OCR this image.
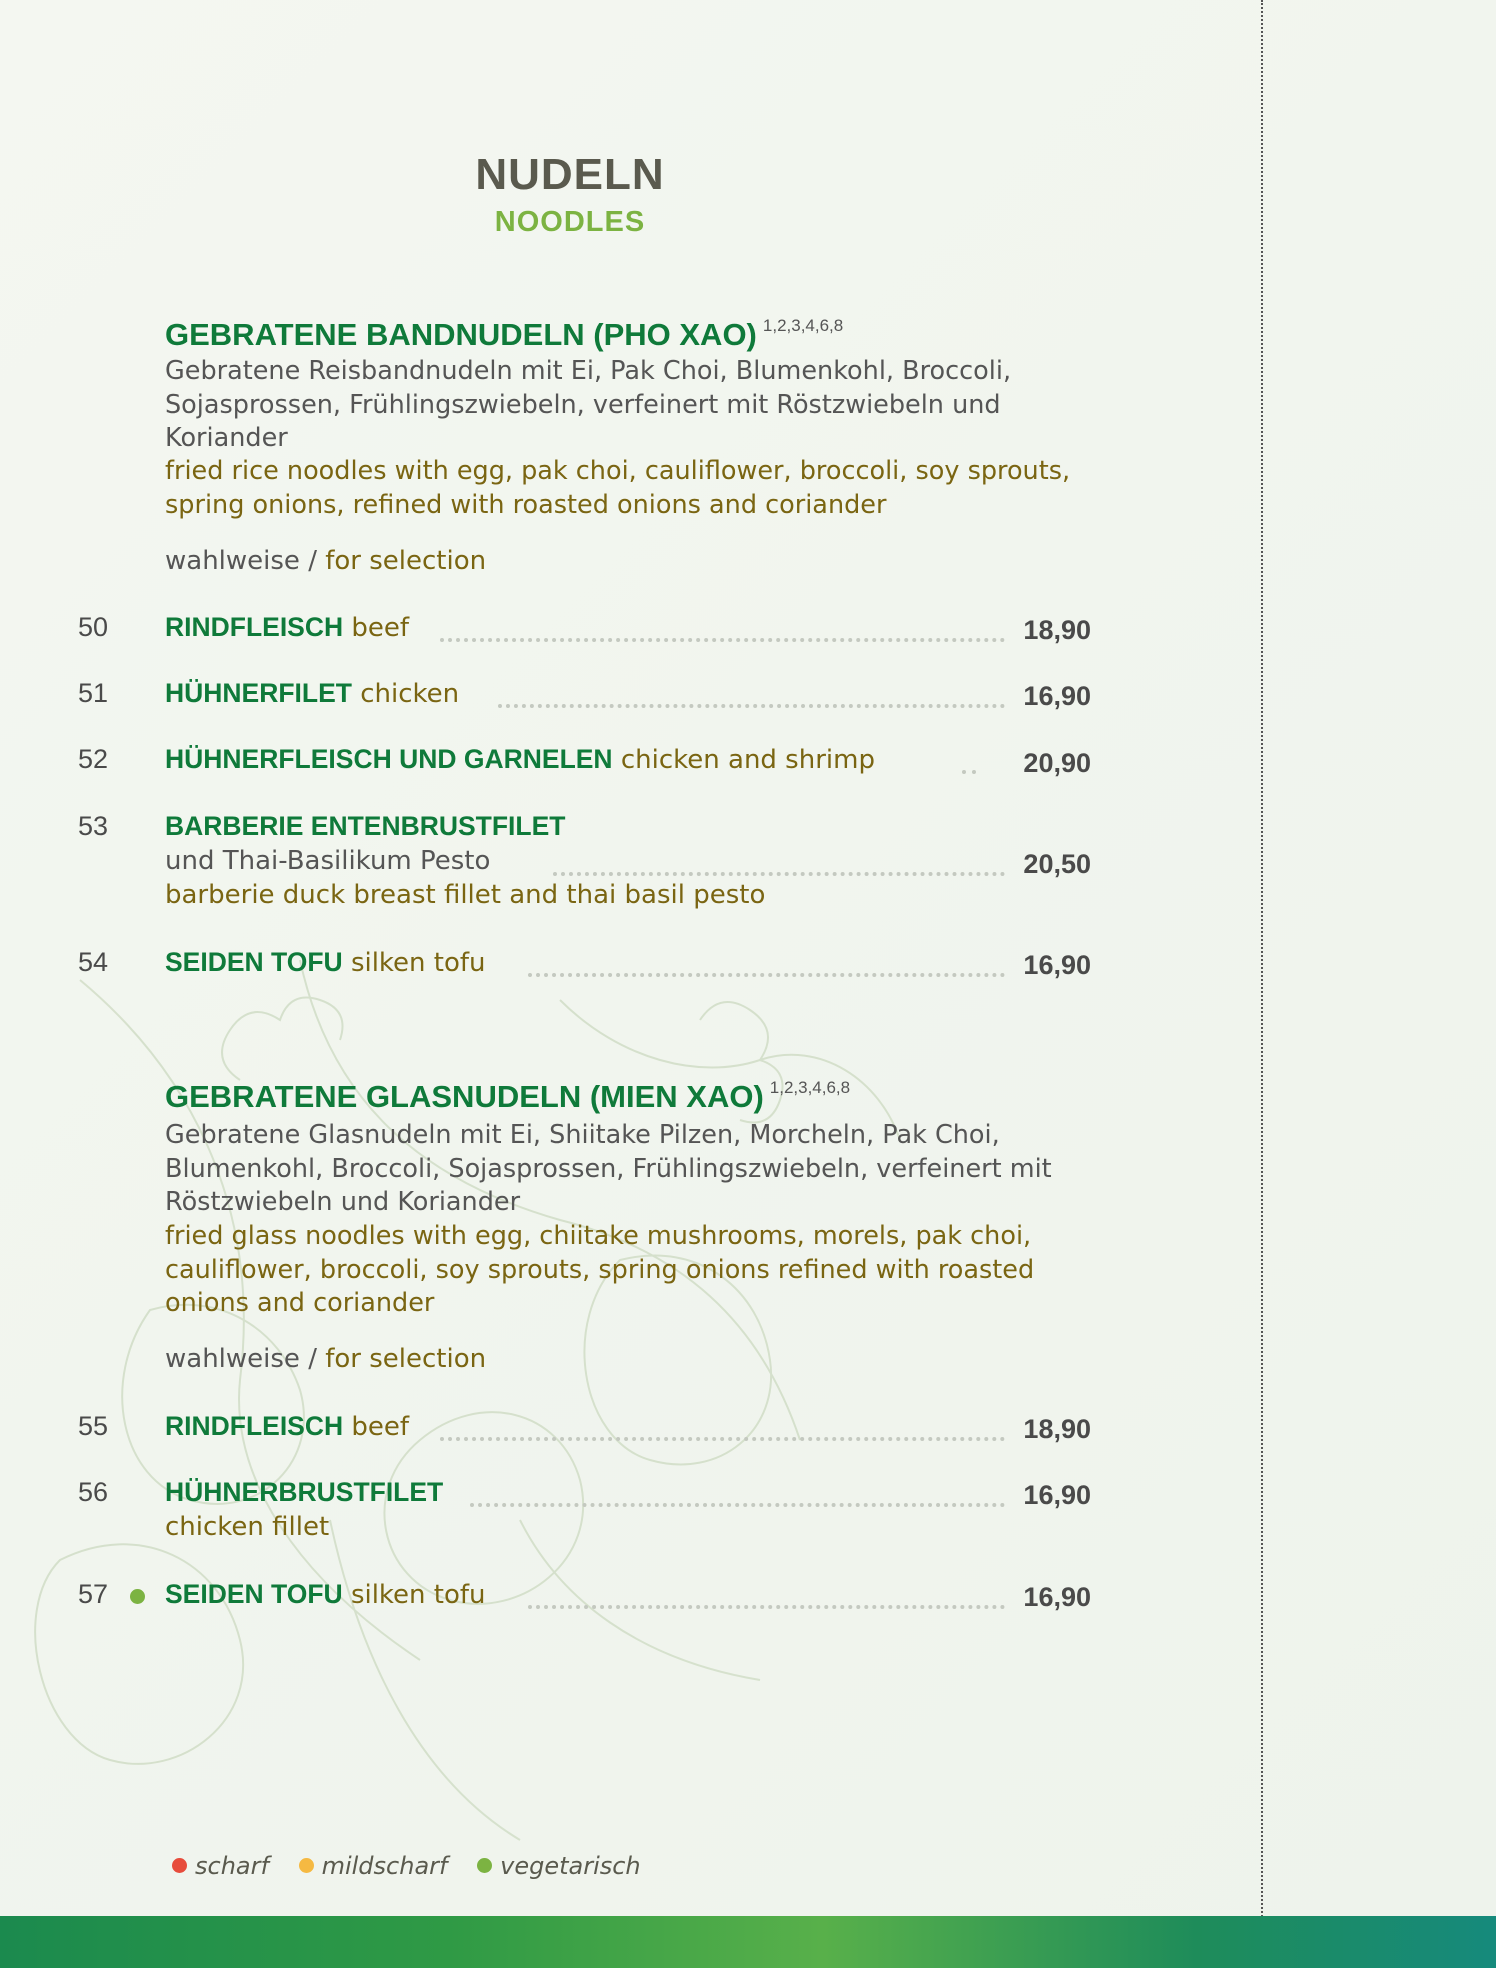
NUDELN
NOODLES
GEBRATENE BANDNUDELN (PHO XAO) $^{1,2,3,4,6,8}$
Gebratene Reisbandnudeln mit Ei, Pak Choi, Blumenkohl, Broccoli, Sojasprossen, Frühlingszwiebeln, verfeinert mit Röstzwiebeln und Koriander
fried rice noodles with egg, pak choi, cauliflower, broccoli, soy sprouts, spring onions, refined with roasted onions and coriander
wahlweise / for selection
50 RINDFLEISCH beef	18,90
51 HÜHNERFILET chicken	16,90
52 HÜHNERFLEISCH UND GARNELEN chicken and shrimp	20,90
53 BARBERIE ENTENBRUSTFILET
und Thai-Basilikum Pesto	20,50
barberie duck breast fillet and thai basil pesto
54 SEIDEN TOFU silken tofu	16,90
GEBRATENE GLASNUDELN (MIEN XAO) $^{1,2,3,4,6,8}$
Gebratene Glasnudeln mit Ei, Shiitake Pilzen, Morcheln, Pak Choi, Blumenkohl, Broccoli, Sojasprossen, Frühlingszwiebeln, verfeinert mit Röstzwiebeln und Koriander
fried glass noodles with egg, chiitake mushrooms, morels, pak choi, cauliflower, broccoli, soy sprouts, spring onions refined with roasted onions and coriander
wahlweise / for selection
55 RINDFLEISCH beef	18,90
56 HÜHNERBRUSTFILET	16,90
chicken fillet
57 SEIDEN TOFU silken tofu	16,90
scharf mildscharf vegetarisch
